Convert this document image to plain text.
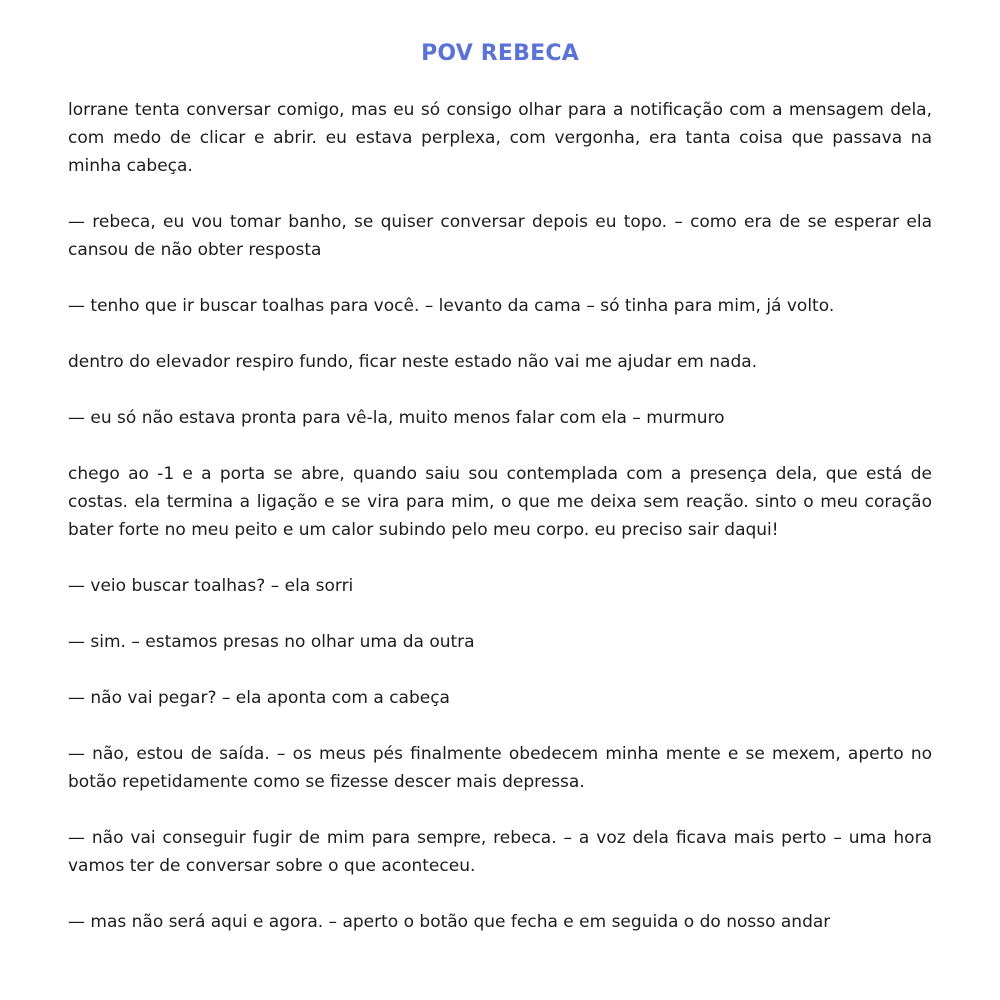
POV REBECA

lorrane tenta conversar comigo, mas eu só consigo olhar para a notificação com a mensagem dela, com medo de clicar e abrir. eu estava perplexa, com vergonha, era tanta coisa que passava na minha cabeça.

— rebeca, eu vou tomar banho, se quiser conversar depois eu topo. – como era de se esperar ela cansou de não obter resposta

— tenho que ir buscar toalhas para você. – levanto da cama – só tinha para mim, já volto.

dentro do elevador respiro fundo, ficar neste estado não vai me ajudar em nada.

— eu só não estava pronta para vê-la, muito menos falar com ela – murmuro

chego ao -1 e a porta se abre, quando saiu sou contemplada com a presença dela, que está de costas. ela termina a ligação e se vira para mim, o que me deixa sem reação. sinto o meu coração bater forte no meu peito e um calor subindo pelo meu corpo. eu preciso sair daqui!

— veio buscar toalhas? – ela sorri

— sim. – estamos presas no olhar uma da outra

— não vai pegar? – ela aponta com a cabeça

— não, estou de saída. – os meus pés finalmente obedecem minha mente e se mexem, aperto no botão repetidamente como se fizesse descer mais depressa.

— não vai conseguir fugir de mim para sempre, rebeca. – a voz dela ficava mais perto – uma hora vamos ter de conversar sobre o que aconteceu.

— mas não será aqui e agora. – aperto o botão que fecha e em seguida o do nosso andar
